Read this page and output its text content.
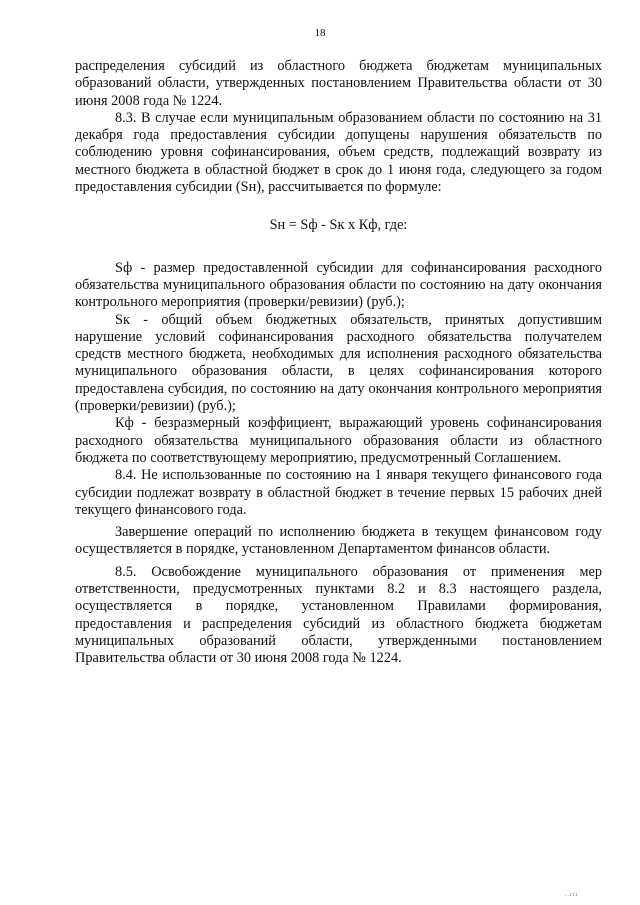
18

распределения субсидий из областного бюджета бюджетам муниципальных образований области, утвержденных постановлением Правительства области от 30 июня 2008 года № 1224.

8.3. В случае если муниципальным образованием области по состоянию на 31 декабря года предоставления субсидии допущены нарушения обязательств по соблюдению уровня софинансирования, объем средств, подлежащий возврату из местного бюджета в областной бюджет в срок до 1 июня года, следующего за годом предоставления субсидии (Sн), рассчитывается по формуле:

Sн = Sф - Sк х Кф, где:

Sф - размер предоставленной субсидии для софинансирования расходного обязательства муниципального образования области по состоянию на дату окончания контрольного мероприятия (проверки/ревизии) (руб.);

Sк - общий объем бюджетных обязательств, принятых допустившим нарушение условий софинансирования расходного обязательства получателем средств местного бюджета, необходимых для исполнения расходного обязательства муниципального образования области, в целях софинансирования которого предоставлена субсидия, по состоянию на дату окончания контрольного мероприятия (проверки/ревизии) (руб.);

Кф - безразмерный коэффициент, выражающий уровень софинансирования расходного обязательства муниципального образования области из областного бюджета по соответствующему мероприятию, предусмотренный Соглашением.

8.4. Не использованные по состоянию на 1 января текущего финансового года субсидии подлежат возврату в областной бюджет в течение первых 15 рабочих дней текущего финансового года.

Завершение операций по исполнению бюджета в текущем финансовом году осуществляется в порядке, установленном Департаментом финансов области.

8.5. Освобождение муниципального образования от применения мер ответственности, предусмотренных пунктами 8.2 и 8.3 настоящего раздела, осуществляется в порядке, установленном Правилами формирования, предоставления и распределения субсидий из областного бюджета бюджетам муниципальных образований области, утвержденными постановлением Правительства области от 30 июня 2008 года № 1224.

..ııı
